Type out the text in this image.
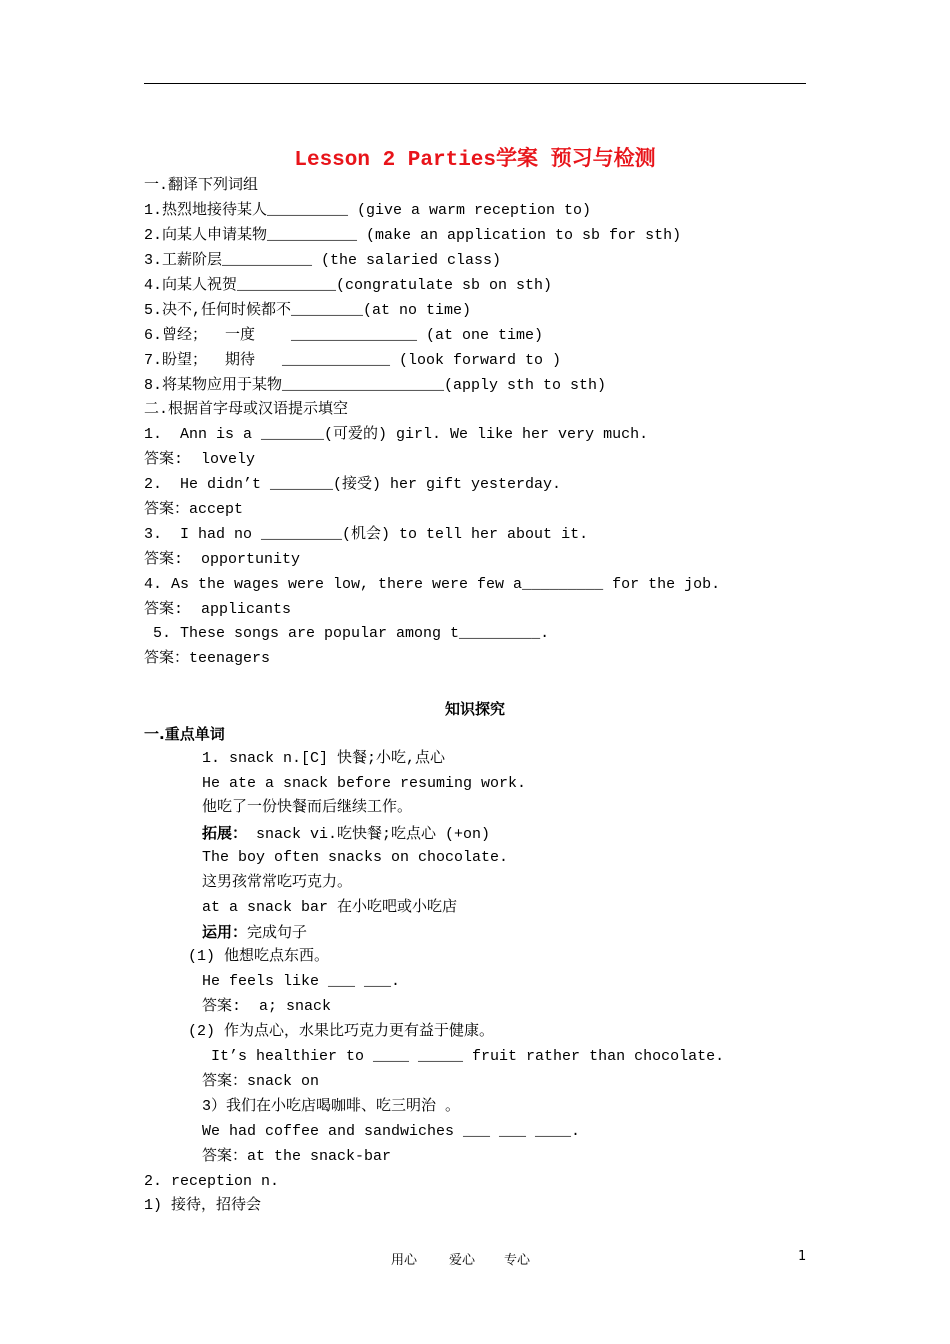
Lesson 2 Parties学案 预习与检测
一.翻译下列词组
1.热烈地接待某人_________ (give a warm reception to)
2.向某人申请某物__________ (make an application to sb for sth)
3.工薪阶层__________ (the salaried class)
4.向某人祝贺___________(congratulate sb on sth)
5.决不,任何时候都不________(at no time)
6.曾经；  一度    ______________ (at one time)
7.盼望；  期待   ____________ (look forward to )
8.将某物应用于某物__________________(apply sth to sth)
二.根据首字母或汉语提示填空
1.  Ann is a _______(可爱的) girl. We like her very much.
答案:  lovely
2.  He didn’t _______(接受) her gift yesterday.
答案：accept
3.  I had no _________(机会) to tell her about it.
答案:  opportunity
4. As the wages were low, there were few a_________ for the job.
答案:  applicants
5. These songs are popular among t_________.
答案：teenagers
知识探究
一.重点单词
1. snack n.[C] 快餐;小吃,点心
He ate a snack before resuming work.
他吃了一份快餐而后继续工作。
拓展： snack vi.吃快餐;吃点心 (+on)
The boy often snacks on chocolate.
这男孩常常吃巧克力。
at a snack bar 在小吃吧或小吃店
运用：完成句子
(1) 他想吃点东西。
He feels like ___ ___.
答案:  a; snack
(2) 作为点心，水果比巧克力更有益于健康。
It’s healthier to ____ _____ fruit rather than chocolate.
答案：snack on
3）我们在小吃店喝咖啡、吃三明治 。
We had coffee and sandwiches ___ ___ ____.
答案：at the snack-bar
2. reception n.
1) 接待，招待会
用心 爱心 专心	1
